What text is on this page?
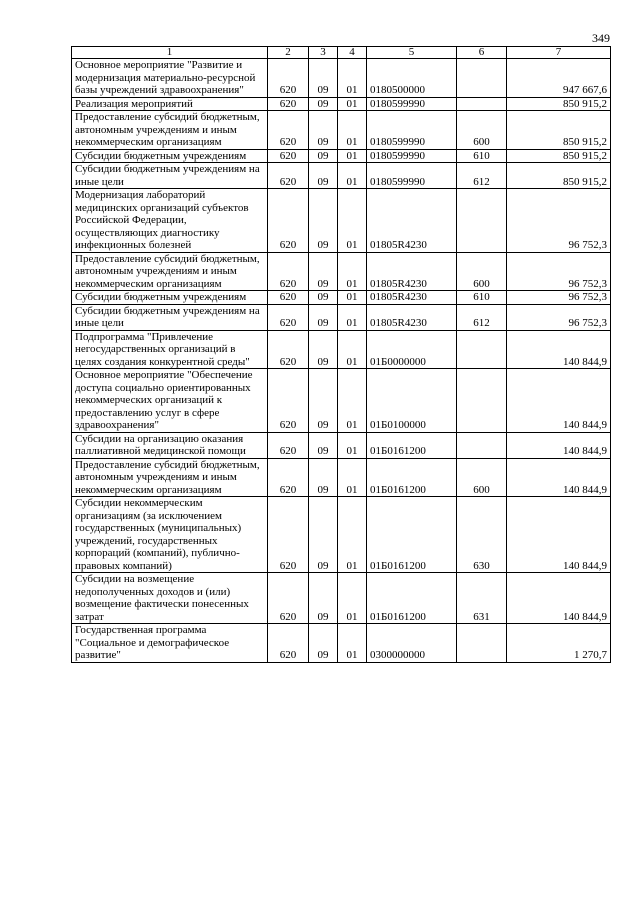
349
1	2	3	4	5	6	7
Основное мероприятие "Развитие и модернизация материально-ресурсной базы учреждений здравоохранения"	620	09	01	0180500000		947 667,6
Реализация мероприятий	620	09	01	0180599990		850 915,2
Предоставление субсидий бюджетным, автономным учреждениям и иным некоммерческим организациям	620	09	01	0180599990	600	850 915,2
Субсидии бюджетным учреждениям	620	09	01	0180599990	610	850 915,2
Субсидии бюджетным учреждениям на иные цели	620	09	01	0180599990	612	850 915,2
Модернизация лабораторий медицинских организаций субъектов Российской Федерации, осуществляющих диагностику инфекционных болезней	620	09	01	01805R4230		96 752,3
Предоставление субсидий бюджетным, автономным учреждениям и иным некоммерческим организациям	620	09	01	01805R4230	600	96 752,3
Субсидии бюджетным учреждениям	620	09	01	01805R4230	610	96 752,3
Субсидии бюджетным учреждениям на иные цели	620	09	01	01805R4230	612	96 752,3
Подпрограмма "Привлечение негосударственных организаций в целях создания конкурентной среды"	620	09	01	01Б0000000		140 844,9
Основное мероприятие "Обеспечение доступа социально ориентированных некоммерческих организаций к предоставлению услуг в сфере здравоохранения"	620	09	01	01Б0100000		140 844,9
Субсидии на организацию оказания паллиативной медицинской помощи	620	09	01	01Б0161200		140 844,9
Предоставление субсидий бюджетным, автономным учреждениям и иным некоммерческим организациям	620	09	01	01Б0161200	600	140 844,9
Субсидии некоммерческим организациям (за исключением государственных (муниципальных) учреждений, государственных корпораций (компаний), публично-правовых компаний)	620	09	01	01Б0161200	630	140 844,9
Субсидии на возмещение недополученных доходов и (или) возмещение фактически понесенных затрат	620	09	01	01Б0161200	631	140 844,9
Государственная программа "Социальное и демографическое развитие"	620	09	01	0300000000		1 270,7
